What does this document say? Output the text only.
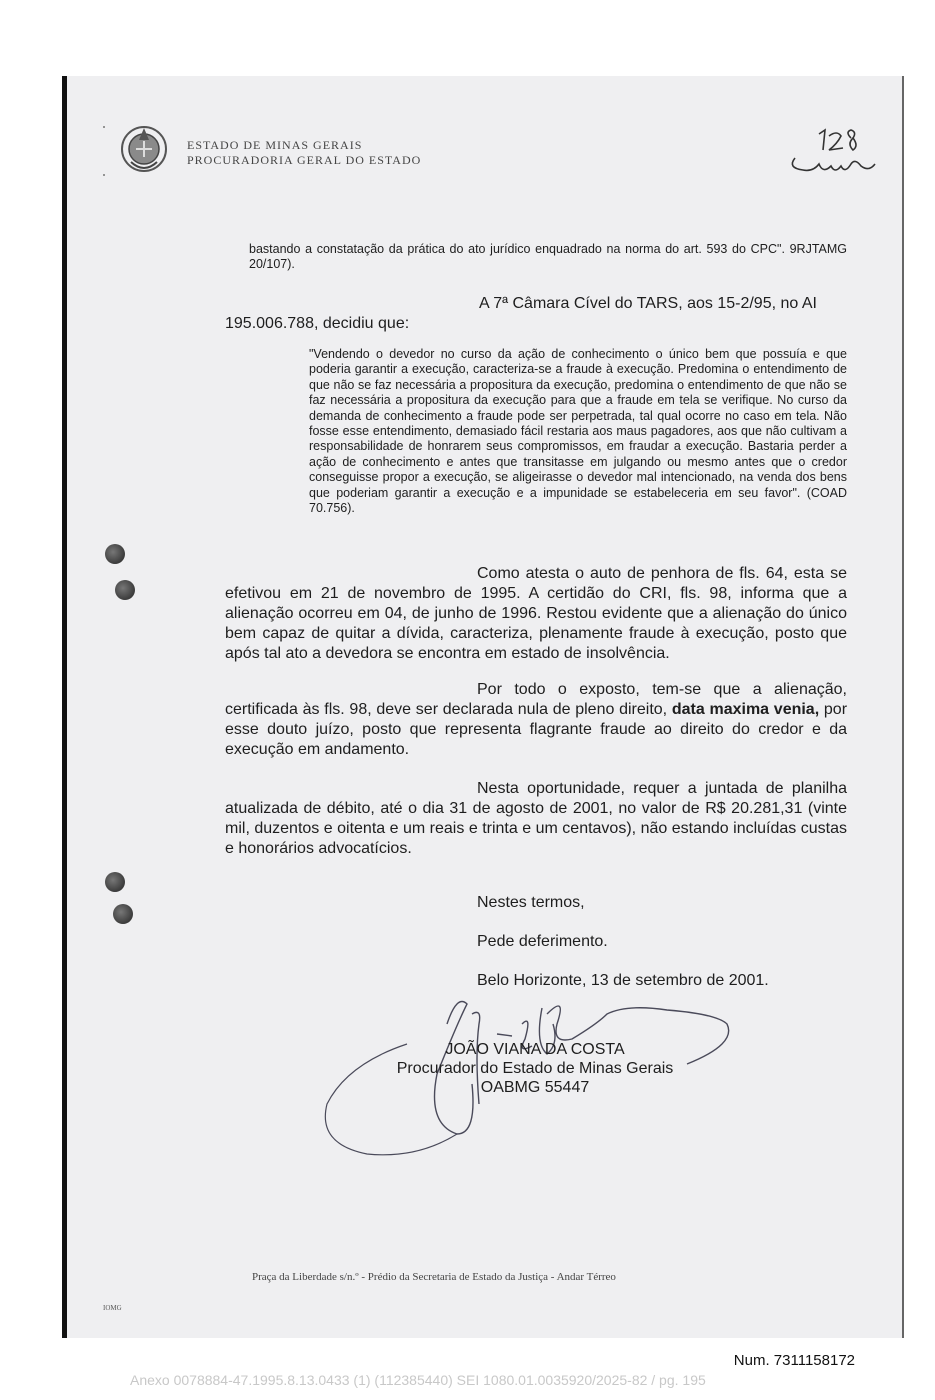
ESTADO DE MINAS GERAIS
PROCURADORIA GERAL DO ESTADO
bastando a constatação da prática do ato jurídico enquadrado na norma do art. 593 do CPC". 9RJTAMG 20/107).
A 7ª Câmara Cível do TARS, aos 15-2/95, no AI
195.006.788, decidiu que:
"Vendendo o devedor no curso da ação de conhecimento o único bem que possuía e que poderia garantir a execução, caracteriza-se a fraude à execução. Predomina o entendimento de que não se faz necessária a propositura da execução, predomina o entendimento de que não se faz necessária a propositura da execução para que a fraude em tela se verifique. No curso da demanda de conhecimento a fraude pode ser perpetrada, tal qual ocorre no caso em tela. Não fosse esse entendimento, demasiado fácil restaria aos maus pagadores, aos que não cultivam a responsabilidade de honrarem seus compromissos, em fraudar a execução. Bastaria perder a ação de conhecimento e antes que transitasse em julgando ou mesmo antes que o credor conseguisse propor a execução, se aligeirasse o devedor mal intencionado, na venda dos bens que poderiam garantir a execução e a impunidade se estabeleceria em seu favor". (COAD 70.756).
Como atesta o auto de penhora de fls. 64, esta se efetivou em 21 de novembro de 1995. A certidão do CRI, fls. 98, informa que a alienação ocorreu em 04, de junho de 1996. Restou evidente que a alienação do único bem capaz de quitar a dívida, caracteriza, plenamente fraude à execução, posto que após tal ato a devedora se encontra em estado de insolvência.
Por todo o exposto, tem-se que a alienação, certificada às fls. 98, deve ser declarada nula de pleno direito, data maxima venia, por esse douto juízo, posto que representa flagrante fraude ao direito do credor e da execução em andamento.
Nesta oportunidade, requer a juntada de planilha atualizada de débito, até o dia 31 de agosto de 2001, no valor de R$ 20.281,31 (vinte mil, duzentos e oitenta e um reais e trinta e um centavos), não estando incluídas custas e honorários advocatícios.
Nestes termos,
Pede deferimento.
Belo Horizonte, 13 de setembro de 2001.
JOÃO VIANA DA COSTA
Procurador do Estado de Minas Gerais
OABMG 55447
Praça da Liberdade s/n.º - Prédio da Secretaria de Estado da Justiça - Andar Térreo
IOMG
Num. 7311158172
Anexo 0078884-47.1995.8.13.0433 (1) (112385440) SEI 1080.01.0035920/2025-82 / pg. 195
